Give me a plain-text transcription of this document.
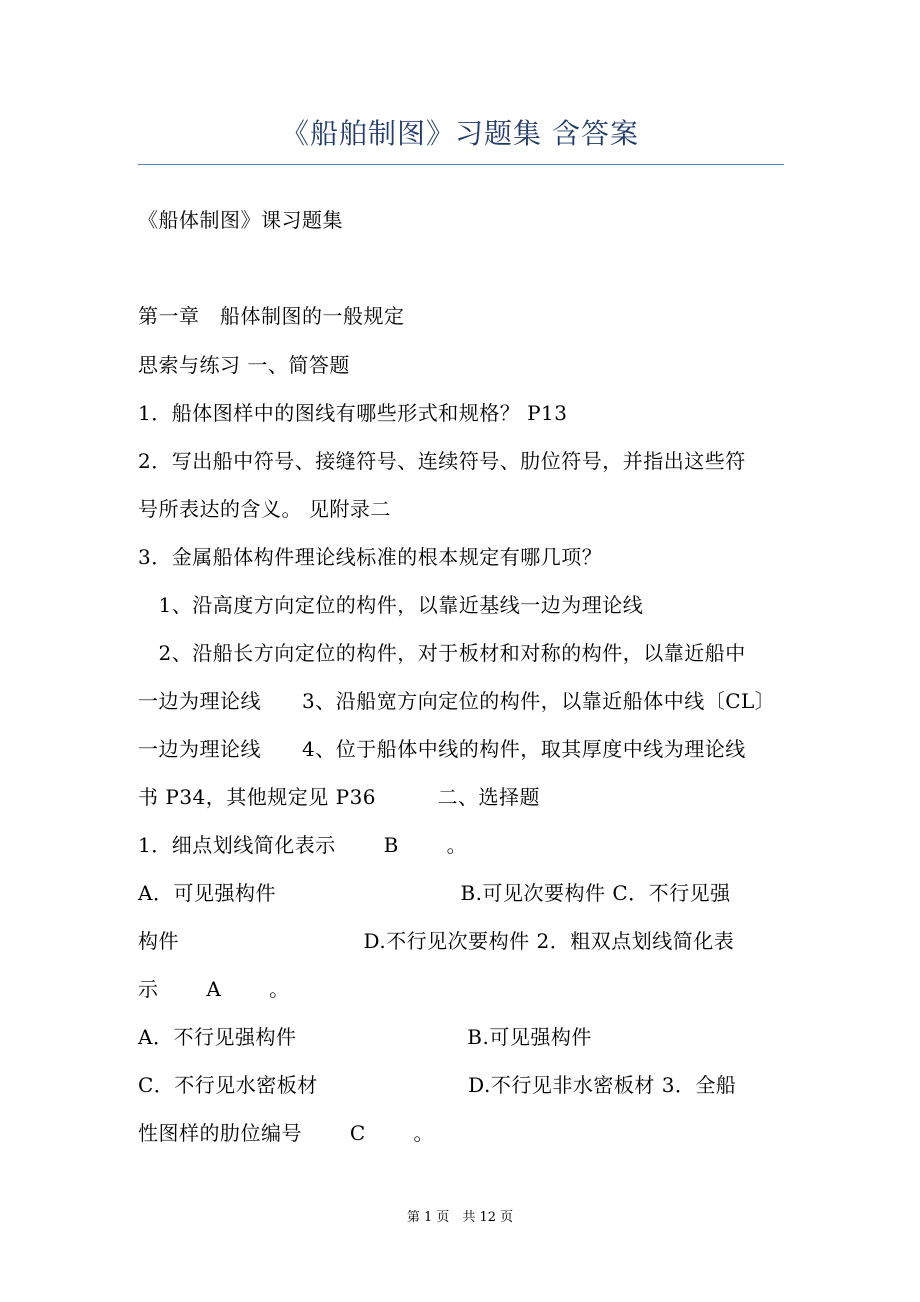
《船舶制图》习题集 含答案
《船体制图》课习题集
第一章　船体制图的一般规定
思索与练习 一、简答题
1．船体图样中的图线有哪些形式和规格？ P13
2．写出船中符号、接缝符号、连续符号、肋位符号，并指出这些符
号所表达的含义。 见附录二
3．金属船体构件理论线标准的根本规定有哪几项？
　1、沿高度方向定位的构件，以靠近基线一边为理论线
　2、沿船长方向定位的构件，对于板材和对称的构件，以靠近船中
一边为理论线　　3、沿船宽方向定位的构件，以靠近船体中线〔CL〕
一边为理论线　　4、位于船体中线的构件，取其厚度中线为理论线
书 P34，其他规定见 P36　　　二、选择题
1．细点划线简化表示　　 B　　 。
A．可见强构件　　　　　　　　　B.可见次要构件 C．不行见强
构件　　　　　　　　　D.不行见次要构件 2．粗双点划线简化表
示　　 A　　 。
A．不行见强构件　　　　　　　　 B.可见强构件
C．不行见水密板材　　　　　　　 D.不行见非水密板材 3．全船
性图样的肋位编号　　 C　　 。
第 1 页　共 12 页
